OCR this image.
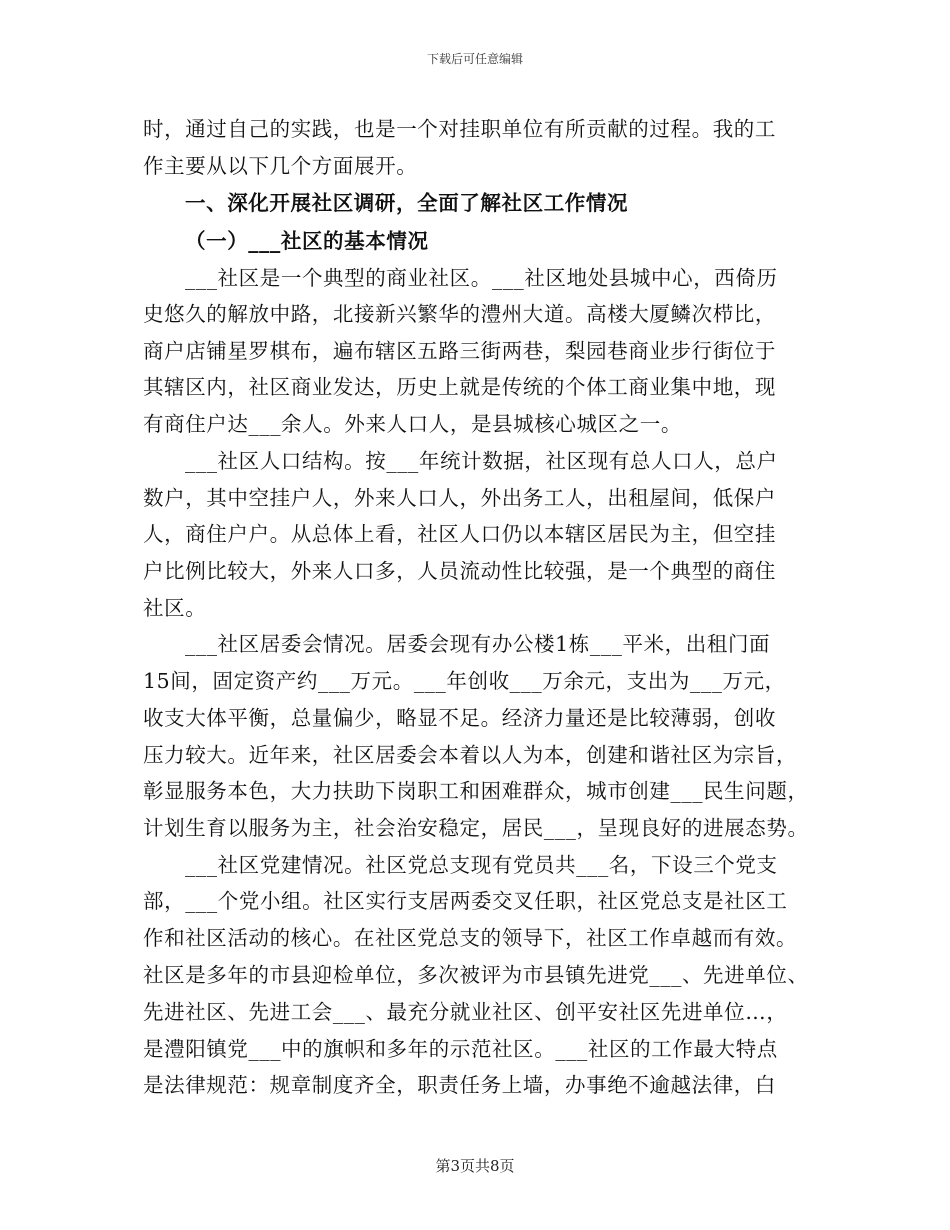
下载后可任意编辑
时，通过自己的实践，也是一个对挂职单位有所贡献的过程。我的工
作主要从以下几个方面展开。
一、深化开展社区调研，全面了解社区工作情况
（一）___社区的基本情况
___社区是一个典型的商业社区。___社区地处县城中心，西倚历
史悠久的解放中路，北接新兴繁华的澧州大道。高楼大厦鳞次栉比，
商户店铺星罗棋布，遍布辖区五路三街两巷，梨园巷商业步行街位于
其辖区内，社区商业发达，历史上就是传统的个体工商业集中地，现
有商住户达___余人。外来人口人，是县城核心城区之一。
___社区人口结构。按___年统计数据，社区现有总人口人，总户
数户，其中空挂户人，外来人口人，外出务工人，出租屋间，低保户
人，商住户户。从总体上看，社区人口仍以本辖区居民为主，但空挂
户比例比较大，外来人口多，人员流动性比较强，是一个典型的商住
社区。
___社区居委会情况。居委会现有办公楼1栋___平米，出租门面
15间，固定资产约___万元。___年创收___万余元，支出为___万元，
收支大体平衡，总量偏少，略显不足。经济力量还是比较薄弱，创收
压力较大。近年来，社区居委会本着以人为本，创建和谐社区为宗旨，
彰显服务本色，大力扶助下岗职工和困难群众，城市创建___民生问题，
计划生育以服务为主，社会治安稳定，居民___，呈现良好的进展态势。
___社区党建情况。社区党总支现有党员共___名，下设三个党支
部，___个党小组。社区实行支居两委交叉任职，社区党总支是社区工
作和社区活动的核心。在社区党总支的领导下，社区工作卓越而有效。
社区是多年的市县迎检单位，多次被评为市县镇先进党___、先进单位、
先进社区、先进工会___、最充分就业社区、创平安社区先进单位…，
是澧阳镇党___中的旗帜和多年的示范社区。___社区的工作最大特点
是法律规范：规章制度齐全，职责任务上墙，办事绝不逾越法律，白
第3页共8页
